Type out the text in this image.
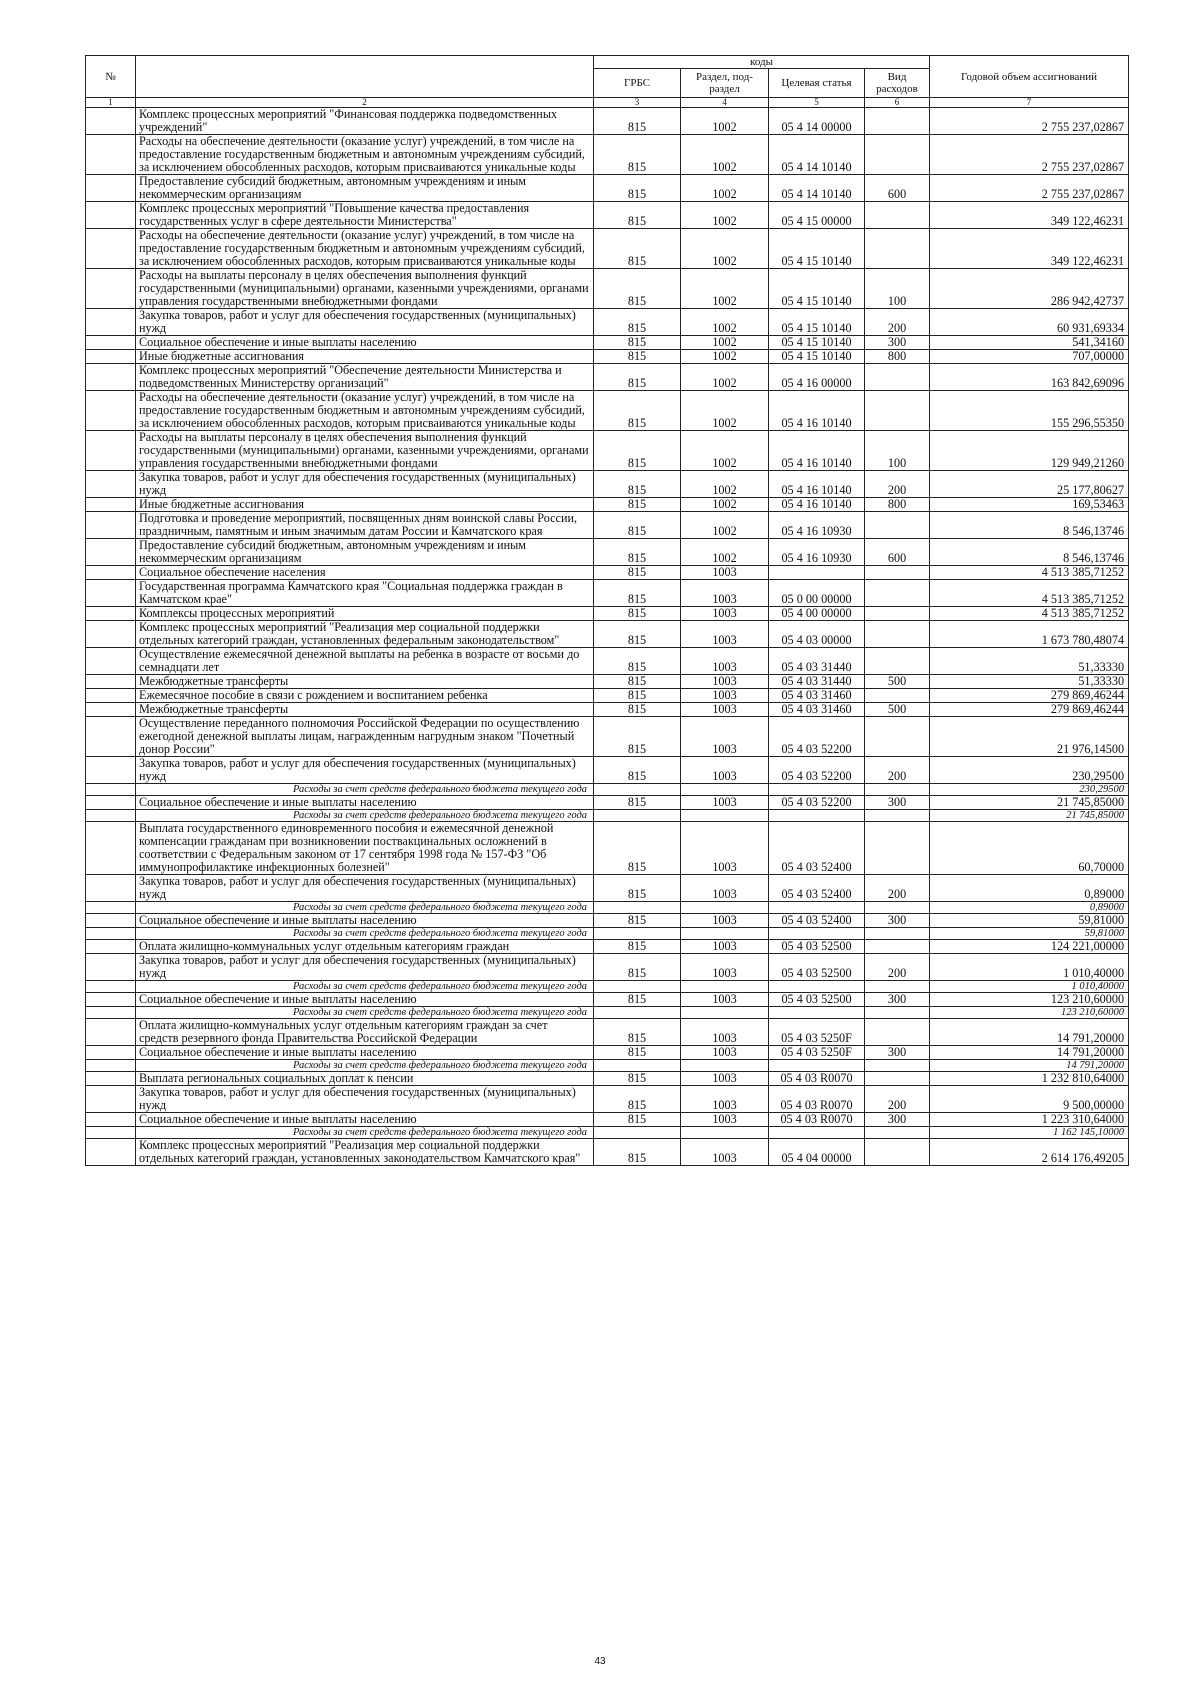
№		коды				Годовой объем ассигнований
		ГРБС	Раздел, под-раздел	Целевая статья	Вид расходов	
1	2	3	4	5	6	7
	Комплекс процессных мероприятий "Финансовая поддержка подведомственных учреждений"	815	1002	05 4 14 00000		2 755 237,02867
	Расходы на обеспечение деятельности (оказание услуг) учреждений, в том числе на предоставление государственным бюджетным и автономным учреждениям субсидий, за исключением обособленных расходов, которым присваиваются уникальные коды	815	1002	05 4 14 10140		2 755 237,02867
	Предоставление субсидий бюджетным, автономным учреждениям и иным некоммерческим организациям	815	1002	05 4 14 10140	600	2 755 237,02867
	Комплекс процессных мероприятий "Повышение качества предоставления государственных услуг в сфере деятельности Министерства"	815	1002	05 4 15 00000		349 122,46231
	Расходы на обеспечение деятельности (оказание услуг) учреждений, в том числе на предоставление государственным бюджетным и автономным учреждениям субсидий, за исключением обособленных расходов, которым присваиваются уникальные коды	815	1002	05 4 15 10140		349 122,46231
	Расходы на выплаты персоналу в целях обеспечения выполнения функций государственными (муниципальными) органами, казенными учреждениями, органами управления государственными внебюджетными фондами	815	1002	05 4 15 10140	100	286 942,42737
	Закупка товаров, работ и услуг для обеспечения государственных (муниципальных) нужд	815	1002	05 4 15 10140	200	60 931,69334
	Социальное обеспечение и иные выплаты населению	815	1002	05 4 15 10140	300	541,34160
	Иные бюджетные ассигнования	815	1002	05 4 15 10140	800	707,00000
	Комплекс процессных мероприятий "Обеспечение деятельности Министерства и подведомственных Министерству организаций"	815	1002	05 4 16 00000		163 842,69096
	Расходы на обеспечение деятельности (оказание услуг) учреждений, в том числе на предоставление государственным бюджетным и автономным учреждениям субсидий, за исключением обособленных расходов, которым присваиваются уникальные коды	815	1002	05 4 16 10140		155 296,55350
	Расходы на выплаты персоналу в целях обеспечения выполнения функций государственными (муниципальными) органами, казенными учреждениями, органами управления государственными внебюджетными фондами	815	1002	05 4 16 10140	100	129 949,21260
	Закупка товаров, работ и услуг для обеспечения государственных (муниципальных) нужд	815	1002	05 4 16 10140	200	25 177,80627
	Иные бюджетные ассигнования	815	1002	05 4 16 10140	800	169,53463
	Подготовка и проведение мероприятий, посвященных дням воинской славы России, праздничным, памятным и иным значимым датам России и Камчатского края	815	1002	05 4 16 10930		8 546,13746
	Предоставление субсидий бюджетным, автономным учреждениям и иным некоммерческим организациям	815	1002	05 4 16 10930	600	8 546,13746
	Социальное обеспечение населения	815	1003			4 513 385,71252
	Государственная программа Камчатского края "Социальная поддержка граждан в Камчатском крае"	815	1003	05 0 00 00000		4 513 385,71252
	Комплексы процессных мероприятий	815	1003	05 4 00 00000		4 513 385,71252
	Комплекс процессных мероприятий "Реализация мер социальной поддержки отдельных категорий граждан, установленных федеральным законодательством"	815	1003	05 4 03 00000		1 673 780,48074
	Осуществление ежемесячной денежной выплаты на ребенка в возрасте от восьми до семнадцати лет	815	1003	05 4 03 31440		51,33330
	Межбюджетные трансферты	815	1003	05 4 03 31440	500	51,33330
	Ежемесячное пособие в связи с рождением и воспитанием ребенка	815	1003	05 4 03 31460		279 869,46244
	Межбюджетные трансферты	815	1003	05 4 03 31460	500	279 869,46244
	Осуществление переданного полномочия Российской Федерации по осуществлению ежегодной денежной выплаты лицам, награжденным нагрудным знаком "Почетный донор России"	815	1003	05 4 03 52200		21 976,14500
	Закупка товаров, работ и услуг для обеспечения государственных (муниципальных) нужд	815	1003	05 4 03 52200	200	230,29500
	Расходы за счет средств федерального бюджета текущего года					230,29500
	Социальное обеспечение и иные выплаты населению	815	1003	05 4 03 52200	300	21 745,85000
	Расходы за счет средств федерального бюджета текущего года					21 745,85000
	Выплата государственного единовременного пособия и ежемесячной денежной компенсации гражданам при возникновении поствакцинальных осложнений в соответствии с Федеральным законом от 17 сентября 1998 года № 157-ФЗ "Об иммунопрофилактике инфекционных болезней"	815	1003	05 4 03 52400		60,70000
	Закупка товаров, работ и услуг для обеспечения государственных (муниципальных) нужд	815	1003	05 4 03 52400	200	0,89000
	Расходы за счет средств федерального бюджета текущего года					0,89000
	Социальное обеспечение и иные выплаты населению	815	1003	05 4 03 52400	300	59,81000
	Расходы за счет средств федерального бюджета текущего года					59,81000
	Оплата жилищно-коммунальных услуг отдельным категориям граждан	815	1003	05 4 03 52500		124 221,00000
	Закупка товаров, работ и услуг для обеспечения государственных (муниципальных) нужд	815	1003	05 4 03 52500	200	1 010,40000
	Расходы за счет средств федерального бюджета текущего года					1 010,40000
	Социальное обеспечение и иные выплаты населению	815	1003	05 4 03 52500	300	123 210,60000
	Расходы за счет средств федерального бюджета текущего года					123 210,60000
	Оплата жилищно-коммунальных услуг отдельным категориям граждан за счет средств резервного фонда Правительства Российской Федерации	815	1003	05 4 03 5250F		14 791,20000
	Социальное обеспечение и иные выплаты населению	815	1003	05 4 03 5250F	300	14 791,20000
	Расходы за счет средств федерального бюджета текущего года					14 791,20000
	Выплата региональных социальных доплат к пенсии	815	1003	05 4 03 R0070		1 232 810,64000
	Закупка товаров, работ и услуг для обеспечения государственных (муниципальных) нужд	815	1003	05 4 03 R0070	200	9 500,00000
	Социальное обеспечение и иные выплаты населению	815	1003	05 4 03 R0070	300	1 223 310,64000
	Расходы за счет средств федерального бюджета текущего года					1 162 145,10000
	Комплекс процессных мероприятий "Реализация мер социальной поддержки отдельных категорий граждан, установленных законодательством Камчатского края"	815	1003	05 4 04 00000		2 614 176,49205
43
